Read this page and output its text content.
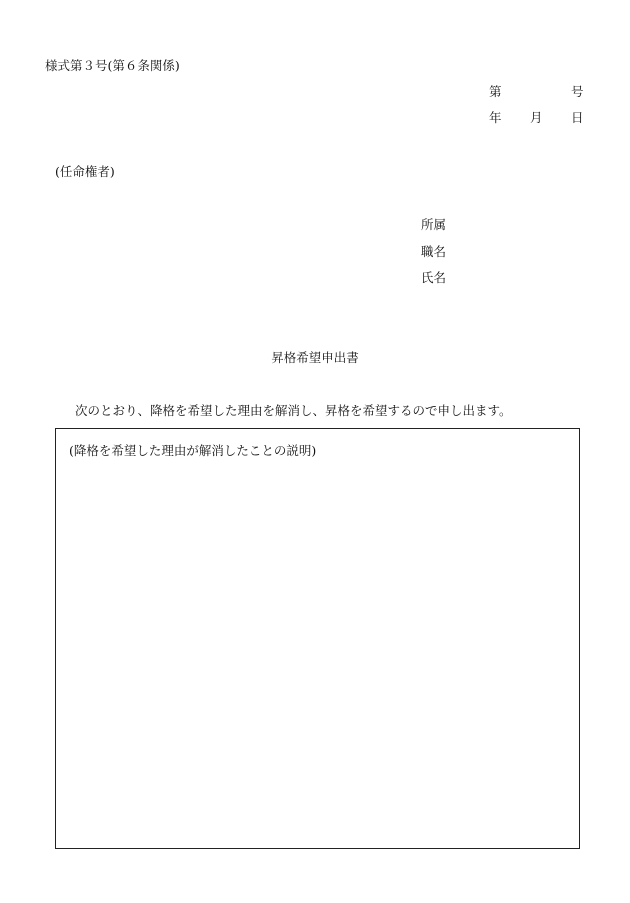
様式第３号(第６条関係)
第	号
年 月 日
(任命権者)
所属
職名
氏名
昇格希望申出書
次のとおり、降格を希望した理由を解消し、昇格を希望するので申し出ます。
(降格を希望した理由が解消したことの説明)
